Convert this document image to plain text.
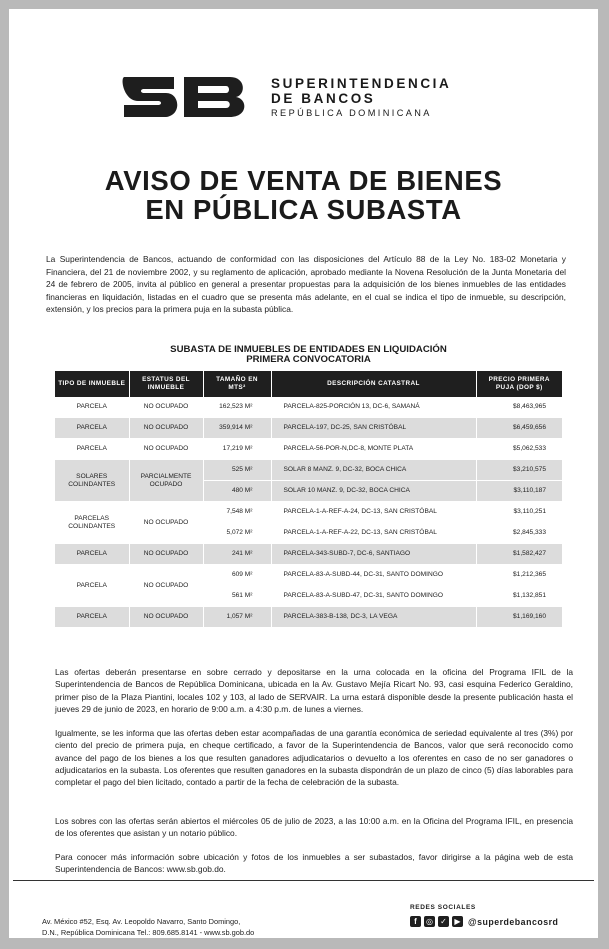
SUPERINTENDENCIA
DE BANCOS
REPÚBLICA DOMINICANA
AVISO DE VENTA DE BIENES
EN PÚBLICA SUBASTA
La Superintendencia de Bancos, actuando de conformidad con las disposiciones del Artículo 88 de la Ley No. 183-02 Monetaria y Financiera, del 21 de noviembre 2002, y su reglamento de aplicación, aprobado mediante la Novena Resolución de la Junta Monetaria del 24 de febrero de 2005, invita al público en general a presentar propuestas para la adquisición de los bienes inmuebles de las entidades financieras en liquidación, listadas en el cuadro que se presenta más adelante, en el cual se indica el tipo de inmueble, su descripción, extensión, y los precios para la primera puja en la subasta pública.
SUBASTA DE INMUEBLES DE ENTIDADES EN LIQUIDACIÓN
PRIMERA CONVOCATORIA
TIPO DE INMUEBLE	ESTATUS DEL INMUEBLE	TAMAÑO EN MTS²	DESCRIPCIÓN CATASTRAL	PRECIO PRIMERA PUJA (DOP $)
PARCELA	NO OCUPADO	162,523 M²	PARCELA-825-PORCIÓN 13, DC-6, SAMANÁ	$8,463,965
PARCELA	NO OCUPADO	359,914 M²	PARCELA-197, DC-25, SAN CRISTÓBAL	$6,459,656
PARCELA	NO OCUPADO	17,219 M²	PARCELA-56-POR-N,DC-8, MONTE PLATA	$5,062,533
SOLARES COLINDANTES	PARCIALMENTE OCUPADO	525 M²	SOLAR 8 MANZ. 9, DC-32, BOCA CHICA	$3,210,575
		480 M²	SOLAR 10 MANZ. 9, DC-32, BOCA CHICA	$3,110,187
PARCELAS COLINDANTES	NO OCUPADO	7,548 M²	PARCELA-1-A-REF-A-24, DC-13, SAN CRISTÓBAL	$3,110,251
		5,072 M²	PARCELA-1-A-REF-A-22, DC-13, SAN CRISTÓBAL	$2,845,333
PARCELA	NO OCUPADO	241 M²	PARCELA-343-SUBD-7, DC-6, SANTIAGO	$1,582,427
PARCELA	NO OCUPADO	609 M²	PARCELA-83-A-SUBD-44, DC-31, SANTO DOMINGO	$1,212,365
		561 M²	PARCELA-83-A-SUBD-47, DC-31, SANTO DOMINGO	$1,132,851
PARCELA	NO OCUPADO	1,057 M²	PARCELA-383-B-138, DC-3, LA VEGA	$1,169,160
Las ofertas deberán presentarse en sobre cerrado y depositarse en la urna colocada en la oficina del Programa IFIL de la Superintendencia de Bancos de República Dominicana, ubicada en la Av. Gustavo Mejía Ricart No. 93, casi esquina Federico Geraldino, primer piso de la Plaza Piantini, locales 102 y 103, al lado de SERVAIR. La urna estará disponible desde la presente publicación hasta el jueves 29 de junio de 2023, en horario de 9:00 a.m. a 4:30 p.m. de lunes a viernes.
Igualmente, se les informa que las ofertas deben estar acompañadas de una garantía económica de seriedad equivalente al tres (3%) por ciento del precio de primera puja, en cheque certificado, a favor de la Superintendencia de Bancos, valor que será reconocido como avance del pago de los bienes a los que resulten ganadores adjudicatarios o devuelto a los oferentes en caso de no ser ganadores o adjudicatarios en la subasta. Los oferentes que resulten ganadores en la subasta dispondrán de un plazo de cinco (5) días laborables para completar el pago del bien licitado, contado a partir de la fecha de celebración de la subasta.
Los sobres con las ofertas serán abiertos el miércoles 05 de julio de 2023, a las 10:00 a.m. en la Oficina del Programa IFIL, en presencia de los oferentes que asistan y un notario público.
Para conocer más información sobre ubicación y fotos de los inmuebles a ser subastados, favor dirigirse a la página web de esta Superintendencia de Bancos: www.sb.gob.do.
Av. México #52, Esq. Av. Leopoldo Navarro, Santo Domingo,
D.N., República Dominicana Tel.: 809.685.8141 - www.sb.gob.do
REDES SOCIALES
f	◎ ✓ ▶ @superdebancosrd
